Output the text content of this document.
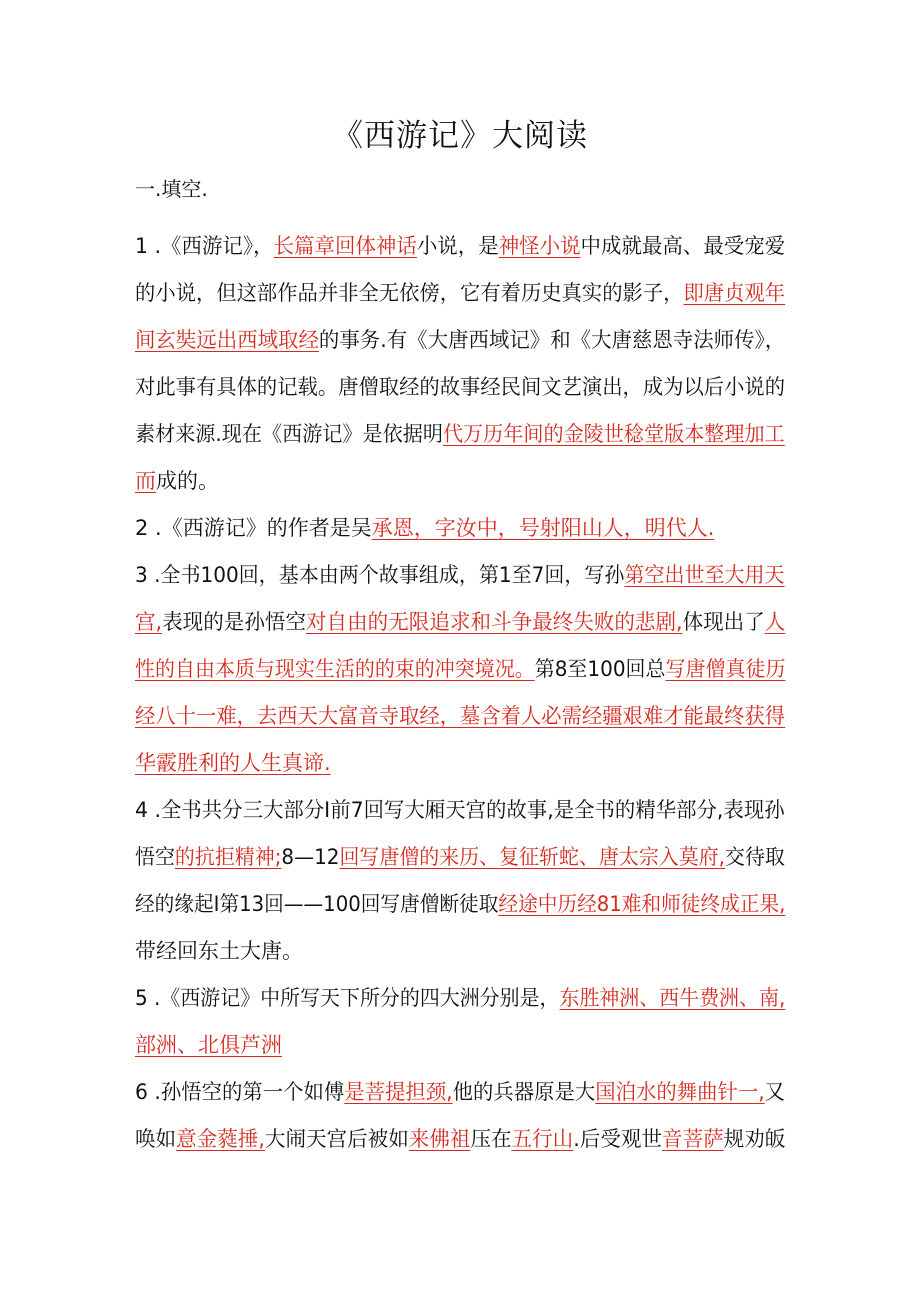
《西游记》大阅读
一.填空.
1 .《西游记》，长篇章回体神话小说，是神怪小说中成就最高、最受宠爱
的小说，但这部作品并非全无依傍，它有着历史真实的影子，即唐贞观年
间玄奘远出西域取经的事务.有《大唐西域记》和《大唐慈恩寺法师传》，
对此事有具体的记载。唐僧取经的故事经民间文艺演出，成为以后小说的
素材来源.现在《西游记》是依据明代万历年间的金陵世稔堂版本整理加工
而成的。
2 .《西游记》的作者是吴承恩，字汝中，号射阳山人，明代人.
3 .全书100回，基本由两个故事组成，第1至7回，写孙第空出世至大用天
宫,表现的是孙悟空对自由的无限追求和斗争最终失败的悲剧,体现出了人
性的自由本质与现实生活的的束的冲突境况。第8至100回总写唐僧真徒历
经八十一难，去西天大富音寺取经，墓含着人必需经疆艰难才能最终获得
华霰胜利的人生真谛.
4 .全书共分三大部分I前7回写大厢天宫的故事,是全书的精华部分,表现孙
悟空的抗拒精神;8—12回写唐僧的来历、复征斩蛇、唐太宗入莫府,交待取
经的缘起I第13回——100回写唐僧断徒取经途中历经81难和师徒终成正果,
带经回东土大唐。
5 .《西游记》中所写天下所分的四大洲分别是，东胜神洲、西牛费洲、南,
部洲、北俱芦洲
6 .孙悟空的第一个如傅是菩提担颈,他的兵器原是大国泊水的舞曲针一,又
唤如意金蕤捶,大闹天宫后被如来佛祖压在五行山.后受观世音菩萨规劝皈
